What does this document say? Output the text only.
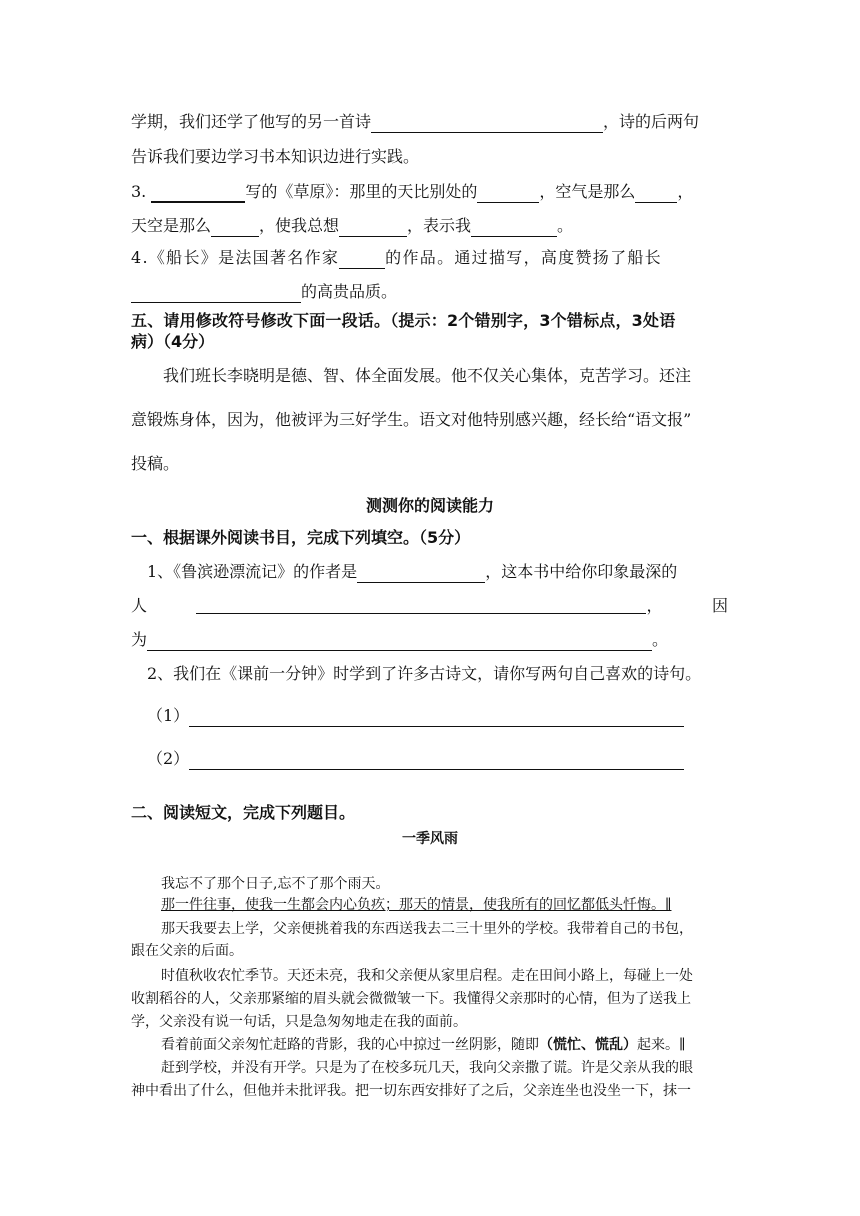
学期，我们还学了他写的另一首诗	，诗的后两句
告诉我们要边学习书本知识边进行实践。
3.	写的《草原》：那里的天比别处的	，空气是那么	，
天空是那么	，使我总想	，表示我	。
4.《船长》是法国著名作家	的作品。通过描写，高度赞扬了船长
的高贵品质。
五、请用修改符号修改下面一段话。（提示：2个错别字，3个错标点，3处语
病）（4分）
我们班长李晓明是德、智、体全面发展。他不仅关心集体，克苦学习。还注
意锻炼身体，因为，他被评为三好学生。语文对他特别感兴趣，经长给“语文报”
投稿。
测测你的阅读能力
一、根据课外阅读书目，完成下列填空。（5分）
1、《鲁滨逊漂流记》的作者是	，这本书中给你印象最深的
人	，	因
为	。
2、我们在《课前一分钟》时学到了许多古诗文，请你写两句自己喜欢的诗句。
（1）
（2）
二、阅读短文，完成下列题目。
一季风雨
我忘不了那个日子,忘不了那个雨天。
那一件往事，使我一生都会内心负疚；那天的情景，使我所有的回忆都低头忏悔。∥
那天我要去上学，父亲便挑着我的东西送我去二三十里外的学校。我带着自己的书包，
跟在父亲的后面。
时值秋收农忙季节。天还未亮，我和父亲便从家里启程。走在田间小路上，每碰上一处
收割稻谷的人，父亲那紧缩的眉头就会微微皱一下。我懂得父亲那时的心情，但为了送我上
学，父亲没有说一句话，只是急匆匆地走在我的面前。
看着前面父亲匆忙赶路的背影，我的心中掠过一丝阴影，随即（慌忙、慌乱）起来。∥
赶到学校，并没有开学。只是为了在校多玩几天，我向父亲撒了谎。许是父亲从我的眼
神中看出了什么，但他并未批评我。把一切东西安排好了之后，父亲连坐也没坐一下，抹一
